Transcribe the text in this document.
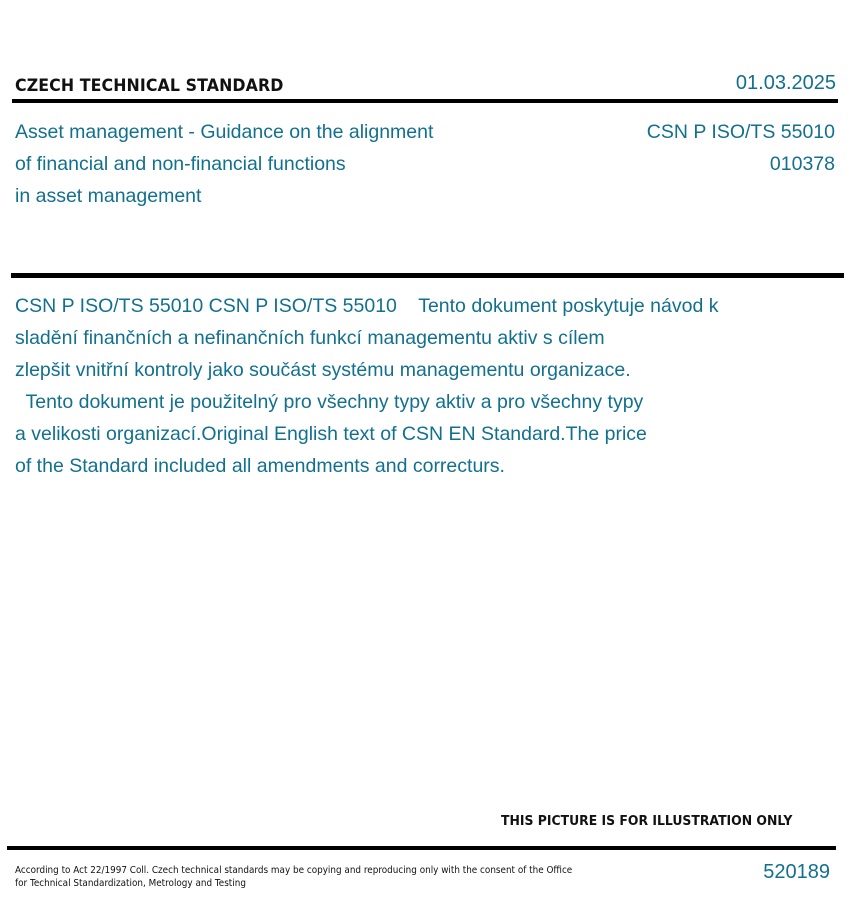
CZECH TECHNICAL STANDARD	01.03.2025
Asset management - Guidance on the alignment
of financial and non-financial functions
in asset management
CSN P ISO/TS 55010
010378

CSN P ISO/TS 55010 CSN P ISO/TS 55010    Tento dokument poskytuje návod k

sladění finančních a nefinančních funkcí managementu aktiv s cílem

zlepšit vnitřní kontroly jako součást systému managementu organizace.

Tento dokument je použitelný pro všechny typy aktiv a pro všechny typy

a velikosti organizací.Original English text of CSN EN Standard.The price

of the Standard included all amendments and correcturs.

THIS PICTURE IS FOR ILLUSTRATION ONLY
According to Act 22/1997 Coll. Czech technical standards may be copying and reproducing only with the consent of the Office
for Technical Standardization, Metrology and Testing
520189
